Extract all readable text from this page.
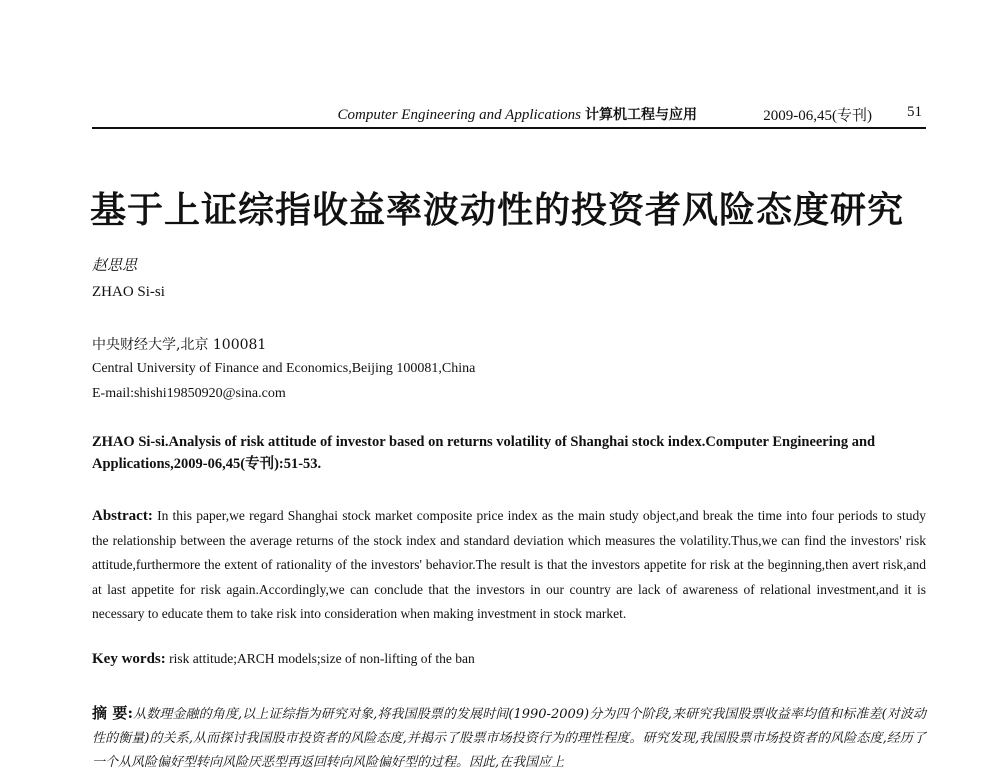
Computer Engineering and Applications 计算机工程与应用	2009-06,45(专刊) 51
基于上证综指收益率波动性的投资者风险态度研究
赵思思
ZHAO Si-si
中央财经大学,北京 100081
Central University of Finance and Economics,Beijing 100081,China
E-mail:shishi19850920@sina.com
ZHAO Si-si.Analysis of risk attitude of investor based on returns volatility of Shanghai stock index.Computer Engineering and Applications,2009-06,45(专刊):51-53.
Abstract: In this paper,we regard Shanghai stock market composite price index as the main study object,and break the time into four periods to study the relationship between the average returns of the stock index and standard deviation which measures the volatility.Thus,we can find the investors' risk attitude,furthermore the extent of rationality of the investors' behavior.The result is that the investors appetite for risk at the beginning,then avert risk,and at last appetite for risk again.Accordingly,we can conclude that the investors in our country are lack of awareness of relational investment,and it is necessary to educate them to take risk into consideration when making investment in stock market.
Key words: risk attitude;ARCH models;size of non-lifting of the ban
摘 要:从数理金融的角度,以上证综指为研究对象,将我国股票的发展时间(1990-2009)分为四个阶段,来研究我国股票收益率均值和标准差(对波动性的衡量)的关系,从而探讨我国股市投资者的风险态度,并揭示了股票市场投资行为的理性程度。研究发现,我国股票市场投资者的风险态度,经历了一个从风险偏好型转向风险厌恶型再返回转向风险偏好型的过程。因此,在我国应上
